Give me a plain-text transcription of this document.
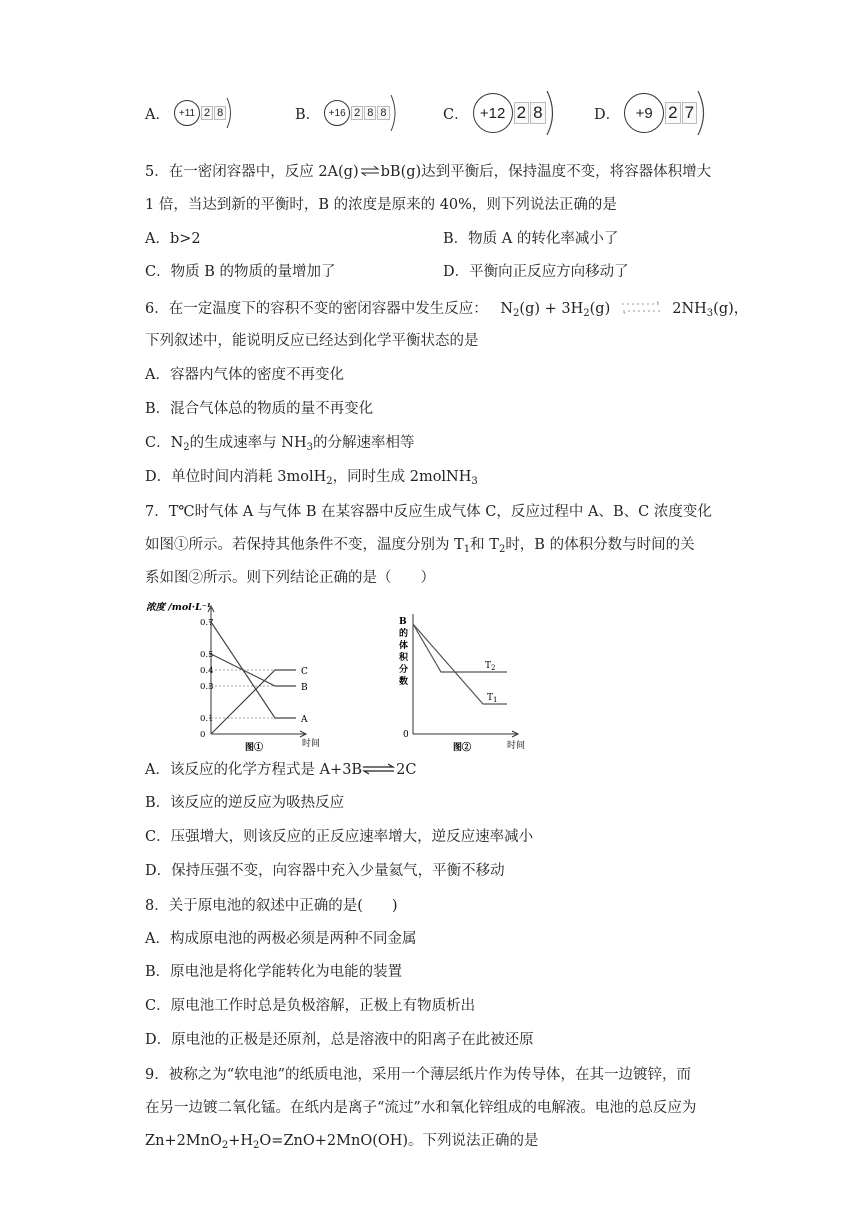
A． +11 2 8	B． +16 2 8 8	C． +12 2 8	D．	+9 2 7
5．在一密闭容器中，反应 2A(g)⇌bB(g)达到平衡后，保持温度不变，将容器体积增大
1 倍，当达到新的平衡时，B 的浓度是原来的 40%，则下列说法正确的是
A．b>2	B．物质 A 的转化率减小了
C．物质 B 的物质的量增加了	D．平衡向正反应方向移动了
6．在一定温度下的容积不变的密闭容器中发生反应： $N_2(g) + 3H_2(g)$ ⇌ $2NH_3(g)$，
下列叙述中，能说明反应已经达到化学平衡状态的是
A．容器内气体的密度不再变化
B．混合气体总的物质的量不再变化
C．$N_2$的生成速率与 $NH_3$的分解速率相等
D．单位时间内消耗 3molH$_2$，同时生成 2molNH$_3$
7．T℃时气体 A 与气体 B 在某容器中反应生成气体 C，反应过程中 A、B、C 浓度变化
如图①所示。若保持其他条件不变，温度分别为 $T_1$和 $T_2$时，B 的体积分数与时间的关
系如图②所示。则下列结论正确的是（　　）
浓度 /mol·L⁻¹
0
0.1
0.3
0.4
0.5
0.7
A
B
C
时间
图①
B 的体积分数
0
$T_2$
$T_1$
时间
图②
A．该反应的化学方程式是 A+3B⇌2C
B．该反应的逆反应为吸热反应
C．压强增大，则该反应的正反应速率增大，逆反应速率减小
D．保持压强不变，向容器中充入少量氦气，平衡不移动
8．关于原电池的叙述中正确的是(　　)
A．构成原电池的两极必须是两种不同金属
B．原电池是将化学能转化为电能的装置
C．原电池工作时总是负极溶解，正极上有物质析出
D．原电池的正极是还原剂，总是溶液中的阳离子在此被还原
9．被称之为“软电池”的纸质电池，采用一个薄层纸片作为传导体，在其一边镀锌，而
在另一边镀二氧化锰。在纸内是离子“流过”水和氧化锌组成的电解液。电池的总反应为
$Zn+2MnO_2+H_2O=ZnO+2MnO(OH)$。下列说法正确的是
